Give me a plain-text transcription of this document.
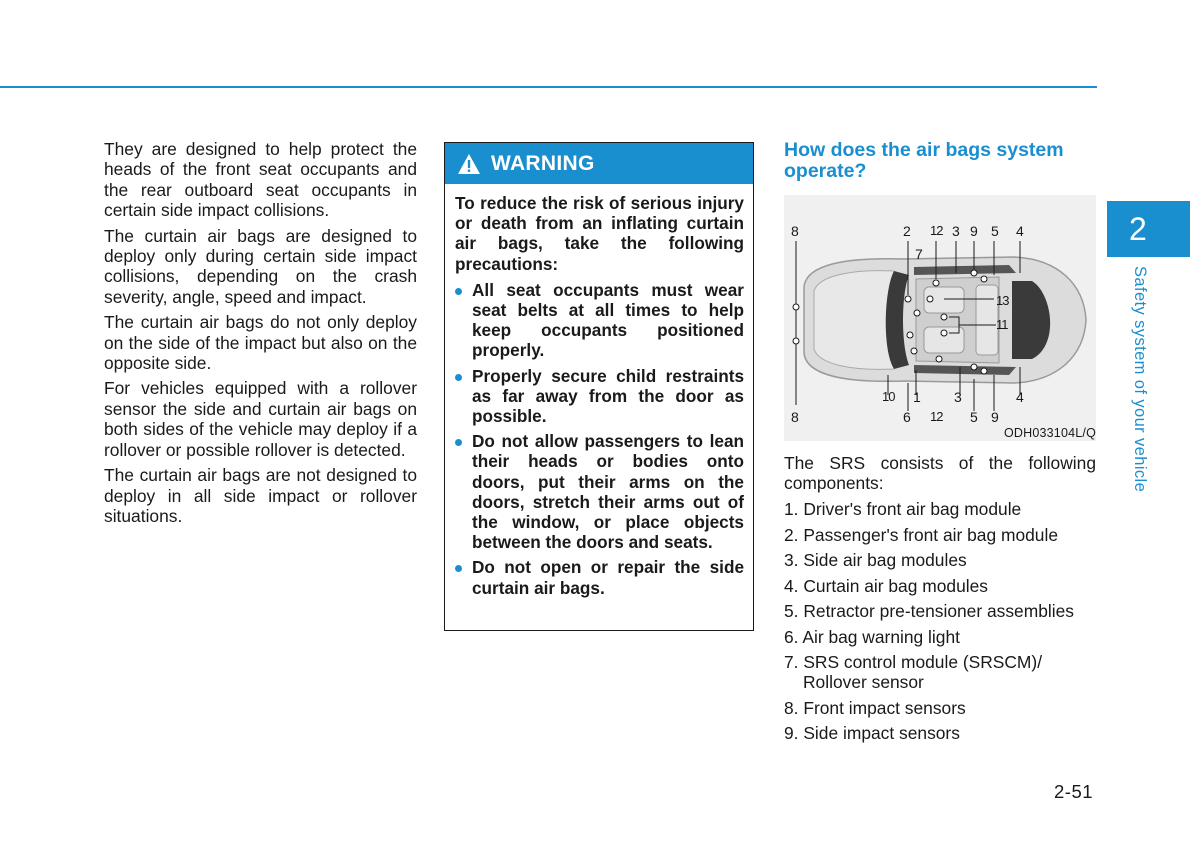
They are designed to help protect the heads of the front seat occupants and the rear outboard seat occupants in certain side impact collisions.

The curtain air bags are designed to deploy only during certain side impact collisions, depending on the crash severity, angle, speed and impact.

The curtain air bags do not only deploy on the side of the impact but also on the opposite side.

For vehicles equipped with a rollover sensor the side and curtain air bags on both sides of the vehicle may deploy if a rollover or possible rollover is detected.

The curtain air bags are not designed to deploy in all side impact or rollover situations.

WARNING

To reduce the risk of serious injury or death from an inflating curtain air bags, take the following precautions:

All seat occupants must wear seat belts at all times to help keep occupants positioned properly.
Properly secure child restraints as far away from the door as possible.
Do not allow passengers to lean their heads or bodies onto doors, put their arms on the doors, stretch their arms out of the window, or place objects between the doors and seats.
Do not open or repair the side curtain air bags.
How does the air bags system operate?
8	2 12 3 9 5 4
7
13
11
8
10 1 3	4
6 12 5 9
ODH033104L/Q

The SRS consists of the following components:

1. Driver's front air bag module
2. Passenger's front air bag module
3. Side air bag modules
4. Curtain air bag modules
5. Retractor pre-tensioner assemblies
6. Air bag warning light
7. SRS control module (SRSCM)/ Rollover sensor
8. Front impact sensors
9. Side impact sensors
2
Safety system of your vehicle
2-51
